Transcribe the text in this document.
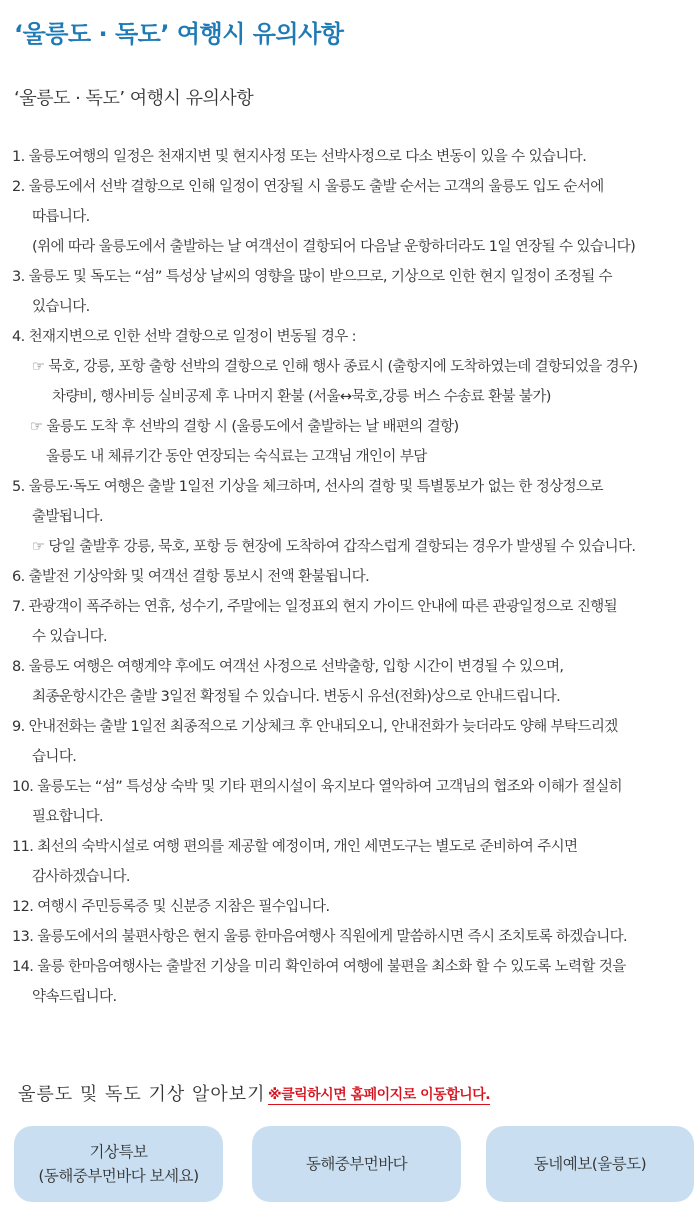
‘울릉도 · 독도’ 여행시 유의사항
‘울릉도 · 독도’ 여행시 유의사항
1. 울릉도여행의 일정은 천재지변 및 현지사정 또는 선박사정으로 다소 변동이 있을 수 있습니다.
2. 울릉도에서 선박 결항으로 인해 일정이 연장될 시 울릉도 출발 순서는 고객의 울릉도 입도 순서에
따릅니다.
(위에 따라 울릉도에서 출발하는 날 여객선이 결항되어 다음날 운항하더라도 1일 연장될 수 있습니다)
3. 울릉도 및 독도는 “섬” 특성상 날씨의 영향을 많이 받으므로, 기상으로 인한 현지 일정이 조정될 수
있습니다.
4. 천재지변으로 인한 선박 결항으로 일정이 변동될 경우 :
☞ 묵호, 강릉, 포항 출항 선박의 결항으로 인해 행사 종료시 (출항지에 도착하였는데 결항되었을 경우)
차량비, 행사비등 실비공제 후 나머지 환불 (서울↔묵호,강릉 버스 수송료 환불 불가)
☞ 울릉도 도착 후 선박의 결항 시 (울릉도에서 출발하는 날 배편의 결항)
울릉도 내 체류기간 동안 연장되는 숙식료는 고객님 개인이 부담
5. 울릉도·독도 여행은 출발 1일전 기상을 체크하며, 선사의 결항 및 특별통보가 없는 한 정상정으로
출발됩니다.
☞ 당일 출발후 강릉, 묵호, 포항 등 현장에 도착하여 갑작스럽게 결항되는 경우가 발생될 수 있습니다.
6. 출발전 기상악화 및 여객선 결항 통보시 전액 환불됩니다.
7. 관광객이 폭주하는 연휴, 성수기, 주말에는 일정표외 현지 가이드 안내에 따른 관광일정으로 진행될
수 있습니다.
8. 울릉도 여행은 여행계약 후에도 여객선 사정으로 선박출항, 입항 시간이 변경될 수 있으며,
최종운항시간은 출발 3일전 확정될 수 있습니다. 변동시 유선(전화)상으로 안내드립니다.
9. 안내전화는 출발 1일전 최종적으로 기상체크 후 안내되오니, 안내전화가 늦더라도 양해 부탁드리겠
습니다.
10. 울릉도는 “섬” 특성상 숙박 및 기타 편의시설이 육지보다 열악하여 고객님의 협조와 이해가 절실히
필요합니다.
11. 최선의 숙박시설로 여행 편의를 제공할 예정이며, 개인 세면도구는 별도로 준비하여 주시면
감사하겠습니다.
12. 여행시 주민등록증 및 신분증 지참은 필수입니다.
13. 울릉도에서의 불편사항은 현지 울릉 한마음여행사 직원에게 말씀하시면 즉시 조치토록 하겠습니다.
14. 울릉 한마음여행사는 출발전 기상을 미리 확인하여 여행에 불편을 최소화 할 수 있도록 노력할 것을
약속드립니다.
울릉도 및 독도 기상 알아보기 ※클릭하시면 홈페이지로 이동합니다.
기상특보
(동해중부먼바다 보세요)
동해중부먼바다	동네예보(울릉도)
